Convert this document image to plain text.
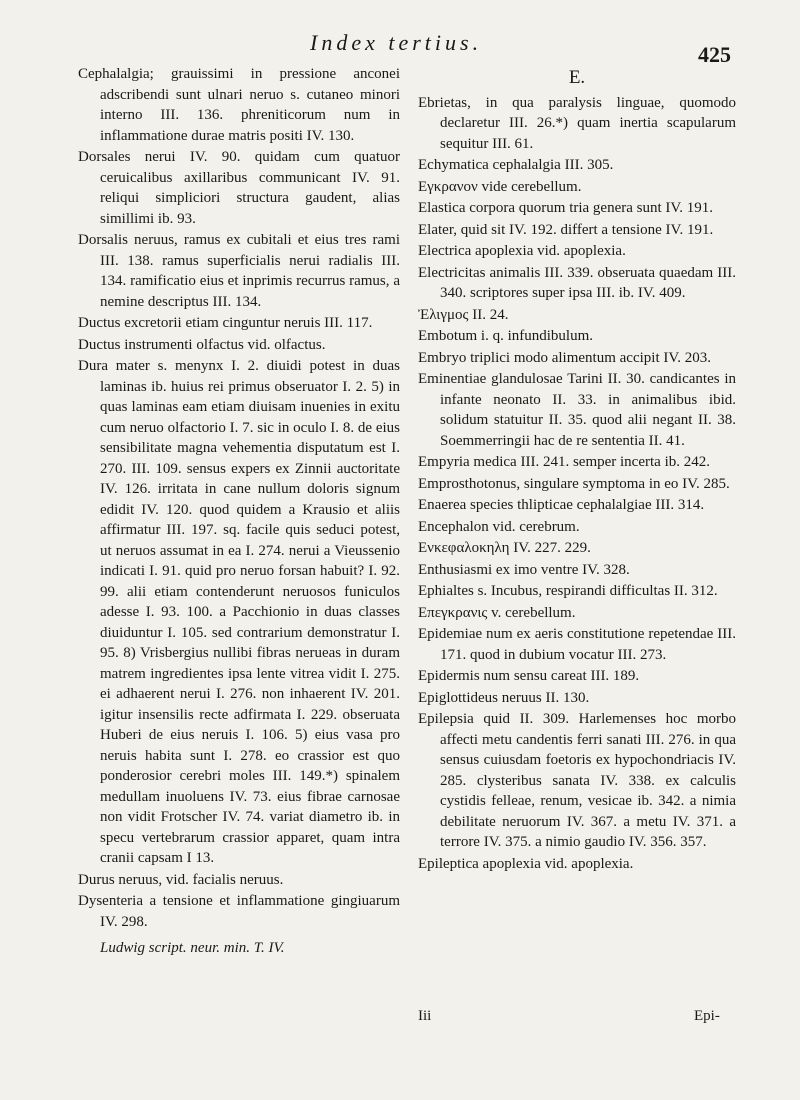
Index tertius.	425

Cephalalgia; grauissimi in pressione anconei adscribendi sunt ulnari neruo s. cutaneo minori interno III. 136. phreniticorum num in inflammatione durae matris positi IV. 130.

Dorsales nerui IV. 90. quidam cum quatuor ceruicalibus axillaribus communicant IV. 91. reliqui simpliciori structura gaudent, alias simillimi ib. 93.

Dorsalis neruus, ramus ex cubitali et eius tres rami III. 138. ramus superficialis nerui radialis III. 134. ramificatio eius et inprimis recurrus ramus, a nemine descriptus III. 134.

Ductus excretorii etiam cinguntur neruis III. 117.

Ductus instrumenti olfactus vid. olfactus.

Dura mater s. menynx I. 2. diuidi potest in duas laminas ib. huius rei primus obseruator I. 2. 5) in quas laminas eam etiam diuisam inuenies in exitu cum neruo olfactorio I. 7. sic in oculo I. 8. de eius sensibilitate magna vehementia disputatum est I. 270. III. 109. sensus expers ex Zinnii auctoritate IV. 126. irritata in cane nullum doloris signum edidit IV. 120. quod quidem a Krausio et aliis affirmatur III. 197. sq. facile quis seduci potest, ut neruos assumat in ea I. 274. nerui a Vieussenio indicati I. 91. quid pro neruo forsan habuit? I. 92. 99. alii etiam contenderunt neruosos funiculos adesse I. 93. 100. a Pacchionio in duas classes diuiduntur I. 105. sed contrarium demonstratur I. 95. 8) Vrisbergius nullibi fibras nerueas in duram matrem ingredientes ipsa lente vitrea vidit I. 275. ei adhaerent nerui I. 276. non inhaerent IV. 201. igitur insensilis recte adfirmata I. 229. obseruata Huberi de eius neruis I. 106. 5) eius vasa pro neruis habita sunt I. 278. eo crassior est quo ponderosior cerebri moles III. 149.*) spinalem medullam inuoluens IV. 73. eius fibrae carnosae non vidit Frotscher IV. 74. variat diametro ib. in specu vertebrarum crassior apparet, quam intra cranii capsam I 13.

Durus neruus, vid. facialis neruus.

Dysenteria a tensione et inflammatione gingiuarum IV. 298.

Ludwig script. neur. min. T. IV.
E.

Ebrietas, in qua paralysis linguae, quomodo declaretur III. 26.*) quam inertia scapularum sequitur III. 61.

Echymatica cephalalgia III. 305.

Εγκρανον vide cerebellum.

Elastica corpora quorum tria genera sunt IV. 191.

Elater, quid sit IV. 192. differt a tensione IV. 191.

Electrica apoplexia vid. apoplexia.

Electricitas animalis III. 339. obseruata quaedam III. 340. scriptores super ipsa III. ib. IV. 409.

Ἐλιγμος II. 24.

Embotum i. q. infundibulum.

Embryo triplici modo alimentum accipit IV. 203.

Eminentiae glandulosae Tarini II. 30. candicantes in infante neonato II. 33. in animalibus ibid. solidum statuitur II. 35. quod alii negant II. 38. Soemmerringii hac de re sententia II. 41.

Empyria medica III. 241. semper incerta ib. 242.

Emprosthotonus, singulare symptoma in eo IV. 285.

Enaerea species thlipticae cephalalgiae III. 314.

Encephalon vid. cerebrum.

Ενκεφαλοκηλη IV. 227. 229.

Enthusiasmi ex imo ventre IV. 328.

Ephialtes s. Incubus, respirandi difficultas II. 312.

Επεγκρανις v. cerebellum.

Epidemiae num ex aeris constitutione repetendae III. 171. quod in dubium vocatur III. 273.

Epidermis num sensu careat III. 189.

Epiglottideus neruus II. 130.

Epilepsia quid II. 309. Harlemenses hoc morbo affecti metu candentis ferri sanati III. 276. in qua sensus cuiusdam foetoris ex hypochondriacis IV. 285. clysteribus sanata IV. 338. ex calculis cystidis felleae, renum, vesicae ib. 342. a nimia debilitate neruorum IV. 367. a metu IV. 371. a terrore IV. 375. a nimio gaudio IV. 356. 357.

Epileptica apoplexia vid. apoplexia.

Iii	Epi-
